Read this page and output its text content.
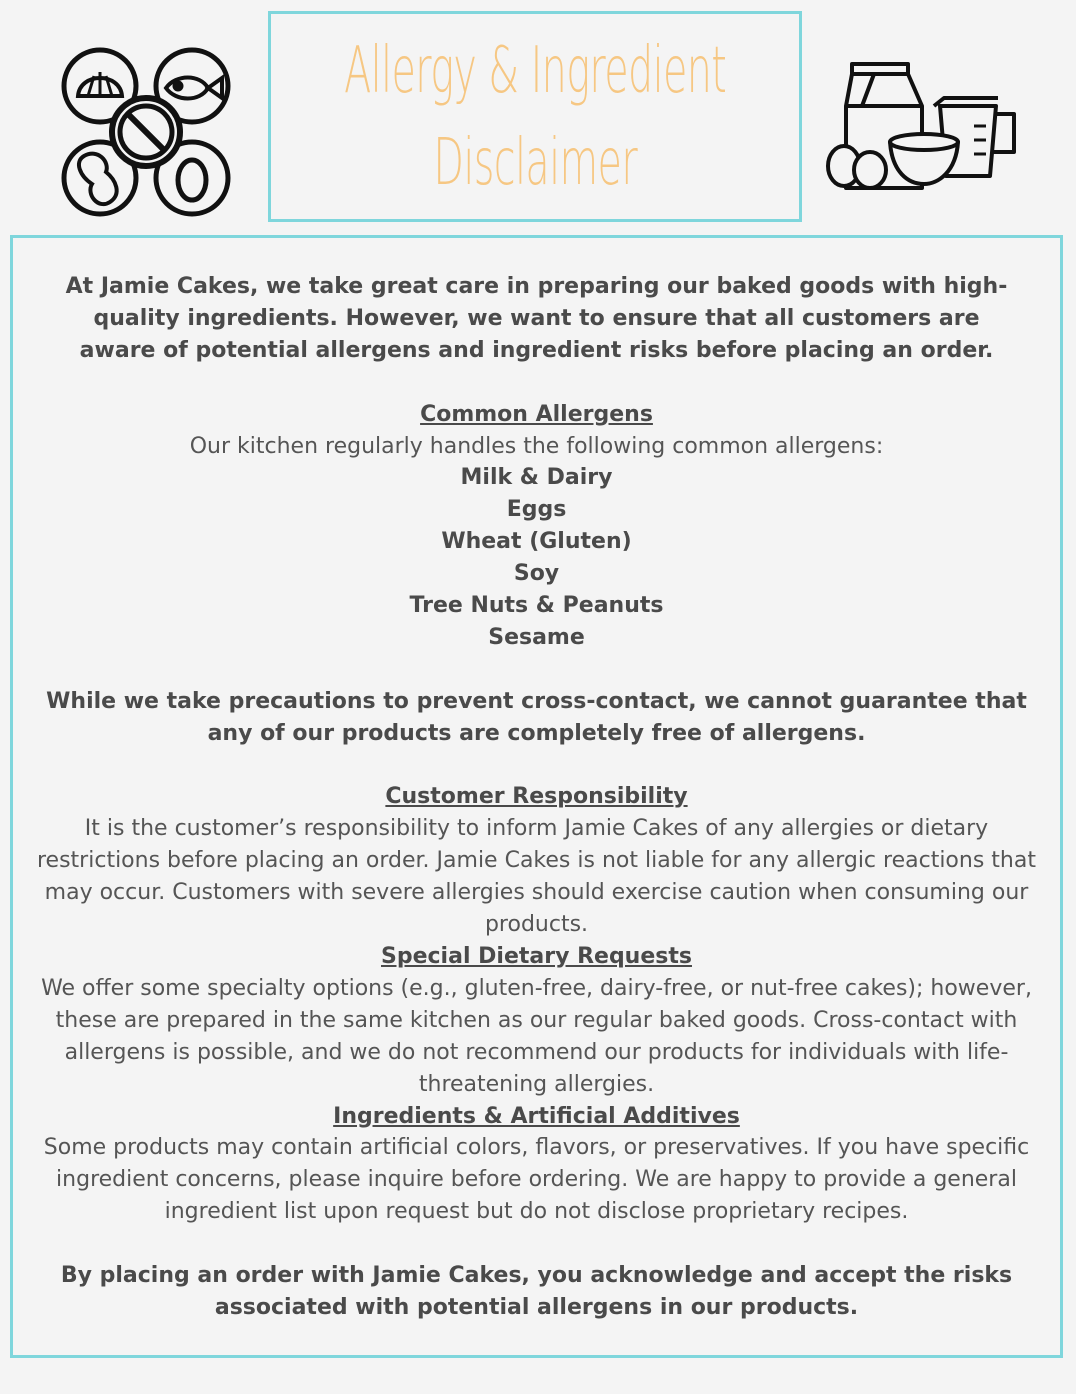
Allergy & Ingredient
Disclaimer

At Jamie Cakes, we take great care in preparing our baked goods with high-quality ingredients. However, we want to ensure that all customers are aware of potential allergens and ingredient risks before placing an order.

Common Allergens

Our kitchen regularly handles the following common allergens:

Milk & Dairy

Eggs

Wheat (Gluten)

Soy

Tree Nuts & Peanuts

Sesame

While we take precautions to prevent cross-contact, we cannot guarantee that any of our products are completely free of allergens.

Customer Responsibility

It is the customer’s responsibility to inform Jamie Cakes of any allergies or dietary restrictions before placing an order. Jamie Cakes is not liable for any allergic reactions that may occur. Customers with severe allergies should exercise caution when consuming our products.

Special Dietary Requests

We offer some specialty options (e.g., gluten-free, dairy-free, or nut-free cakes); however, these are prepared in the same kitchen as our regular baked goods. Cross-contact with allergens is possible, and we do not recommend our products for individuals with life-threatening allergies.

Ingredients & Artificial Additives

Some products may contain artificial colors, flavors, or preservatives. If you have specific ingredient concerns, please inquire before ordering. We are happy to provide a general ingredient list upon request but do not disclose proprietary recipes.

By placing an order with Jamie Cakes, you acknowledge and accept the risks associated with potential allergens in our products.
